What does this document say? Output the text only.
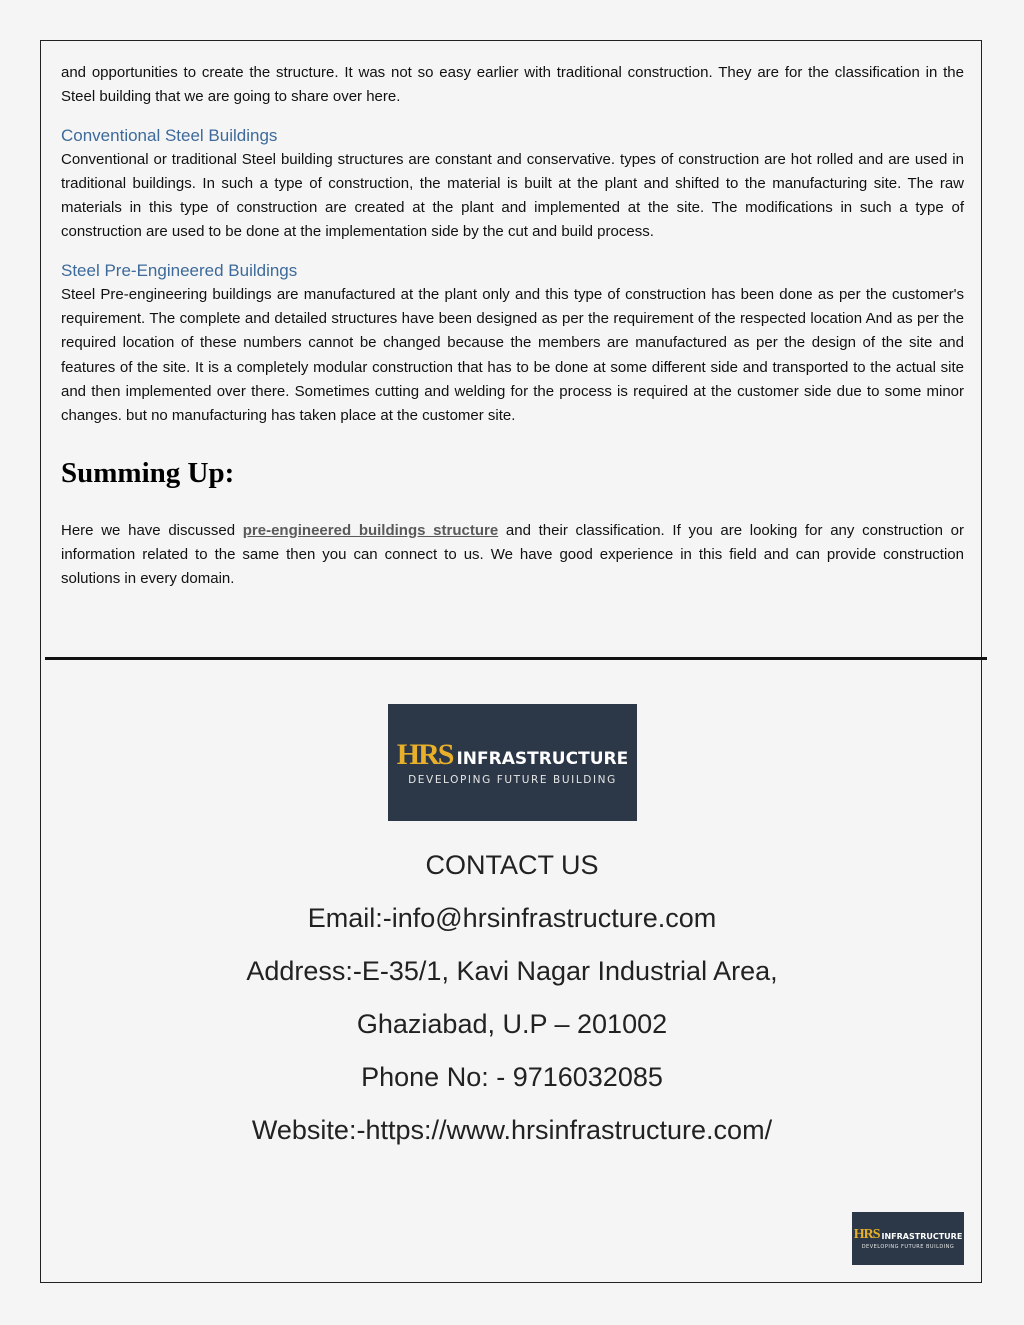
and opportunities to create the structure. It was not so easy earlier with traditional construction. They are for the classification in the Steel building that we are going to share over here.

Conventional Steel Buildings

Conventional or traditional Steel building structures are constant and conservative. types of construction are hot rolled and are used in traditional buildings. In such a type of construction, the material is built at the plant and shifted to the manufacturing site. The raw materials in this type of construction are created at the plant and implemented at the site. The modifications in such a type of construction are used to be done at the implementation side by the cut and build process.

Steel Pre-Engineered Buildings

Steel Pre-engineering buildings are manufactured at the plant only and this type of construction has been done as per the customer's requirement. The complete and detailed structures have been designed as per the requirement of the respected location And as per the required location of these numbers cannot be changed because the members are manufactured as per the design of the site and features of the site. It is a completely modular construction that has to be done at some different side and transported to the actual site and then implemented over there. Sometimes cutting and welding for the process is required at the customer side due to some minor changes. but no manufacturing has taken place at the customer site.

Summing Up:

Here we have discussed pre-engineered buildings structure and their classification. If you are looking for any construction or information related to the same then you can connect to us. We have good experience in this field and can provide construction solutions in every domain.

HRS INFRASTRUCTURE
DEVELOPING FUTURE BUILDING
CONTACT US
Email:-info@hrsinfrastructure.com
Address:-E-35/1, Kavi Nagar Industrial Area,
Ghaziabad, U.P – 201002
Phone No: - 9716032085
Website:-https://www.hrsinfrastructure.com/
HRS INFRASTRUCTURE
DEVELOPING FUTURE BUILDING
